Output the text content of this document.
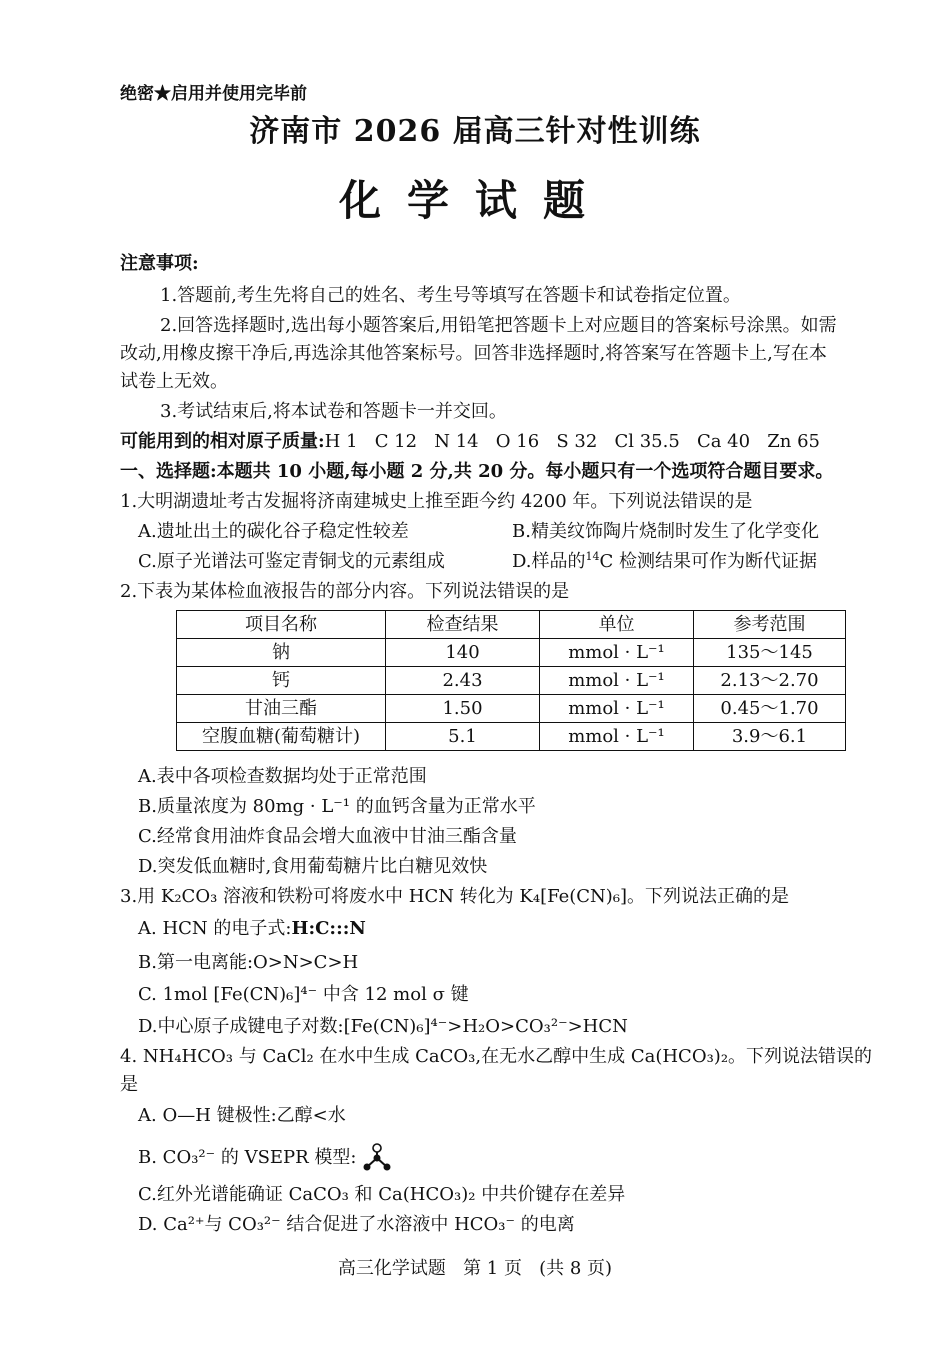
绝密★启用并使用完毕前
济南市 2026 届高三针对性训练
化学试题
注意事项:
1.答题前,考生先将自己的姓名、考生号等填写在答题卡和试卷指定位置。
2.回答选择题时,选出每小题答案后,用铅笔把答题卡上对应题目的答案标号涂黑。如需
改动,用橡皮擦干净后,再选涂其他答案标号。回答非选择题时,将答案写在答题卡上,写在本
试卷上无效。
3.考试结束后,将本试卷和答题卡一并交回。
可能用到的相对原子质量:H 1   C 12   N 14   O 16   S 32   Cl 35.5   Ca 40   Zn 65
一、选择题:本题共 10 小题,每小题 2 分,共 20 分。每小题只有一个选项符合题目要求。
1.大明湖遗址考古发掘将济南建城史上推至距今约 4200 年。下列说法错误的是
A.遗址出土的碳化谷子稳定性较差	B.精美纹饰陶片烧制时发生了化学变化
C.原子光谱法可鉴定青铜戈的元素组成	D.样品的$^{14}$C 检测结果可作为断代证据
2.下表为某体检血液报告的部分内容。下列说法错误的是
项目名称	检查结果	单位	参考范围
钠	140	mmol · L⁻¹	135～145
钙	2.43	mmol · L⁻¹	2.13～2.70
甘油三酯	1.50	mmol · L⁻¹	0.45～1.70
空腹血糖(葡萄糖计)	5.1	mmol · L⁻¹	3.9～6.1
A.表中各项检查数据均处于正常范围
B.质量浓度为 80mg · L⁻¹ 的血钙含量为正常水平
C.经常食用油炸食品会增大血液中甘油三酯含量
D.突发低血糖时,食用葡萄糖片比白糖见效快
3.用 K₂CO₃ 溶液和铁粉可将废水中 HCN 转化为 K₄[Fe(CN)₆]。下列说法正确的是
A. HCN 的电子式:H:C:::N
B.第一电离能:O>N>C>H
C. 1mol [Fe(CN)₆]⁴⁻ 中含 12 mol σ 键
D.中心原子成键电子对数:[Fe(CN)₆]⁴⁻>H₂O>CO₃²⁻>HCN
4. NH₄HCO₃ 与 CaCl₂ 在水中生成 CaCO₃,在无水乙醇中生成 Ca(HCO₃)₂。下列说法错误的
是
A. O—H 键极性:乙醇<水
B. CO₃²⁻ 的 VSEPR 模型:
C.红外光谱能确证 CaCO₃ 和 Ca(HCO₃)₂ 中共价键存在差异
D. Ca²⁺与 CO₃²⁻ 结合促进了水溶液中 HCO₃⁻ 的电离
高三化学试题   第 1 页   (共 8 页)
